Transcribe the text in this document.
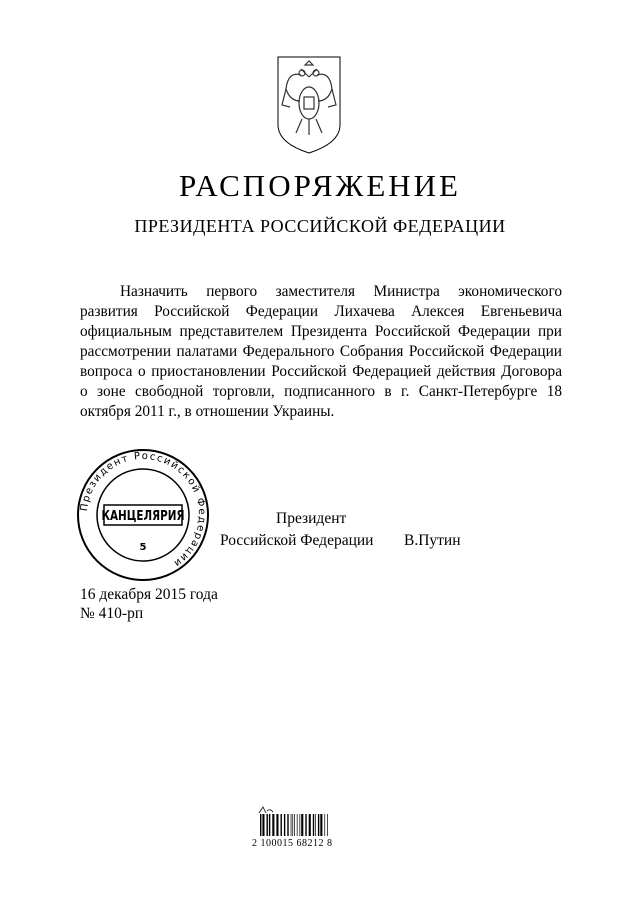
РАСПОРЯЖЕНИЕ
ПРЕЗИДЕНТА РОССИЙСКОЙ ФЕДЕРАЦИИ
Назначить первого заместителя Министра экономического развития Российской Федерации Лихачева Алексея Евгеньевича официальным представителем Президента Российской Федерации при рассмотрении палатами Федерального Собрания Российской Федерации вопроса о приостановлении Российской Федерацией действия Договора о зоне свободной торговли, подписанного в г. Санкт-Петербурге 18 октября 2011 г., в отношении Украины.
Президент
Российской Федерации В.Путин
Президент Российской Федерации
КАНЦЕЛЯРИЯ
5
16 декабря 2015 года
№ 410-рп
2 100015 68212 8
